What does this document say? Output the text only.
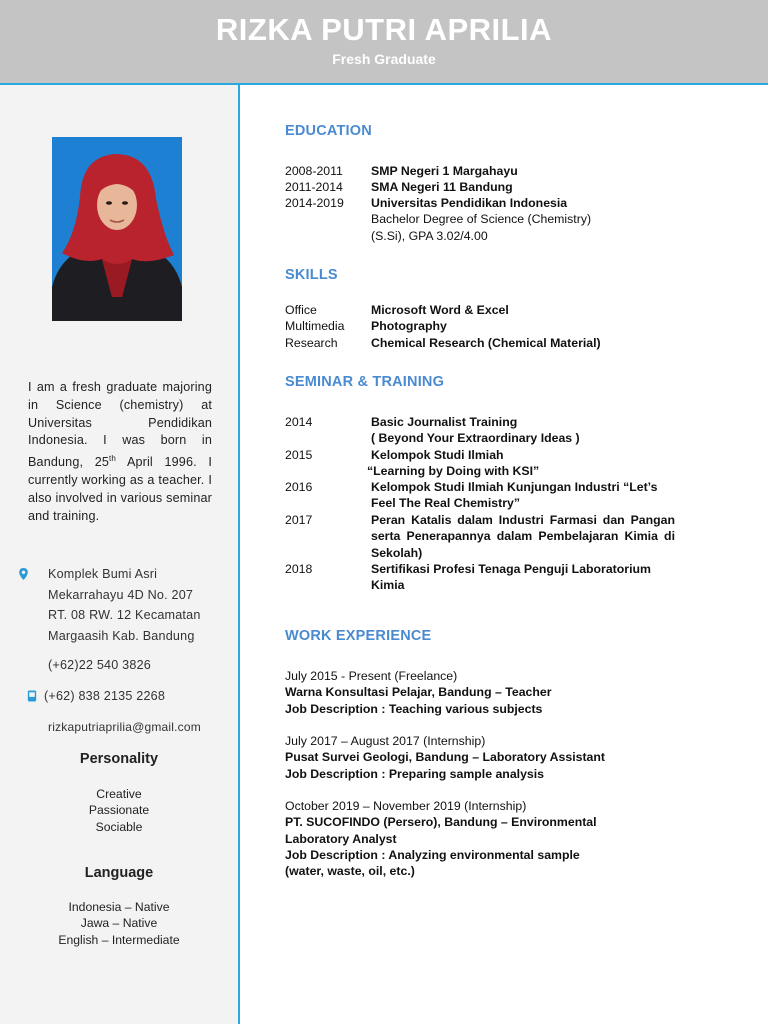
RIZKA PUTRI APRILIA
Fresh Graduate
I am a fresh graduate majoring in Science (chemistry) at Universitas Pendidikan Indonesia. I was born in Bandung, 25th April 1996. I currently working as a teacher. I also involved in various seminar and training.
Komplek Bumi Asri
Mekarrahayu 4D No. 207
RT. 08 RW. 12 Kecamatan
Margaasih Kab. Bandung
(+62)22 540 3826
(+62) 838 2135 2268
rizkaputriaprilia@gmail.com
Personality
Creative
Passionate
Sociable
Language
Indonesia – Native
Jawa – Native
English – Intermediate
EDUCATION
2008-2011 SMP Negeri 1 Margahayu
2011-2014 SMA Negeri 11 Bandung
2014-2019 Universitas Pendidikan Indonesia
Bachelor Degree of Science (Chemistry)
(S.Si), GPA 3.02/4.00
SKILLS
Office	Microsoft Word & Excel
Multimedia Photography
Research	Chemical Research (Chemical Material)
SEMINAR & TRAINING
2014	Basic Journalist Training
( Beyond Your Extraordinary Ideas )
2015	Kelompok Studi Ilmiah
“Learning by Doing with KSI”
2016	Kelompok Studi Ilmiah Kunjungan Industri “Let’s
Feel The Real Chemistry”
2017	Peran Katalis dalam Industri Farmasi dan Pangan serta Penerapannya dalam Pembelajaran Kimia di Sekolah)
2018	Sertifikasi Profesi Tenaga Penguji Laboratorium
Kimia
WORK EXPERIENCE
July 2015 - Present (Freelance)
Warna Konsultasi Pelajar, Bandung – Teacher
Job Description : Teaching various subjects
July 2017 – August 2017 (Internship)
Pusat Survei Geologi, Bandung – Laboratory Assistant
Job Description : Preparing sample analysis
October 2019 – November 2019 (Internship)
PT. SUCOFINDO (Persero), Bandung – Environmental Laboratory Analyst
Job Description : Analyzing environmental sample (water, waste, oil, etc.)
